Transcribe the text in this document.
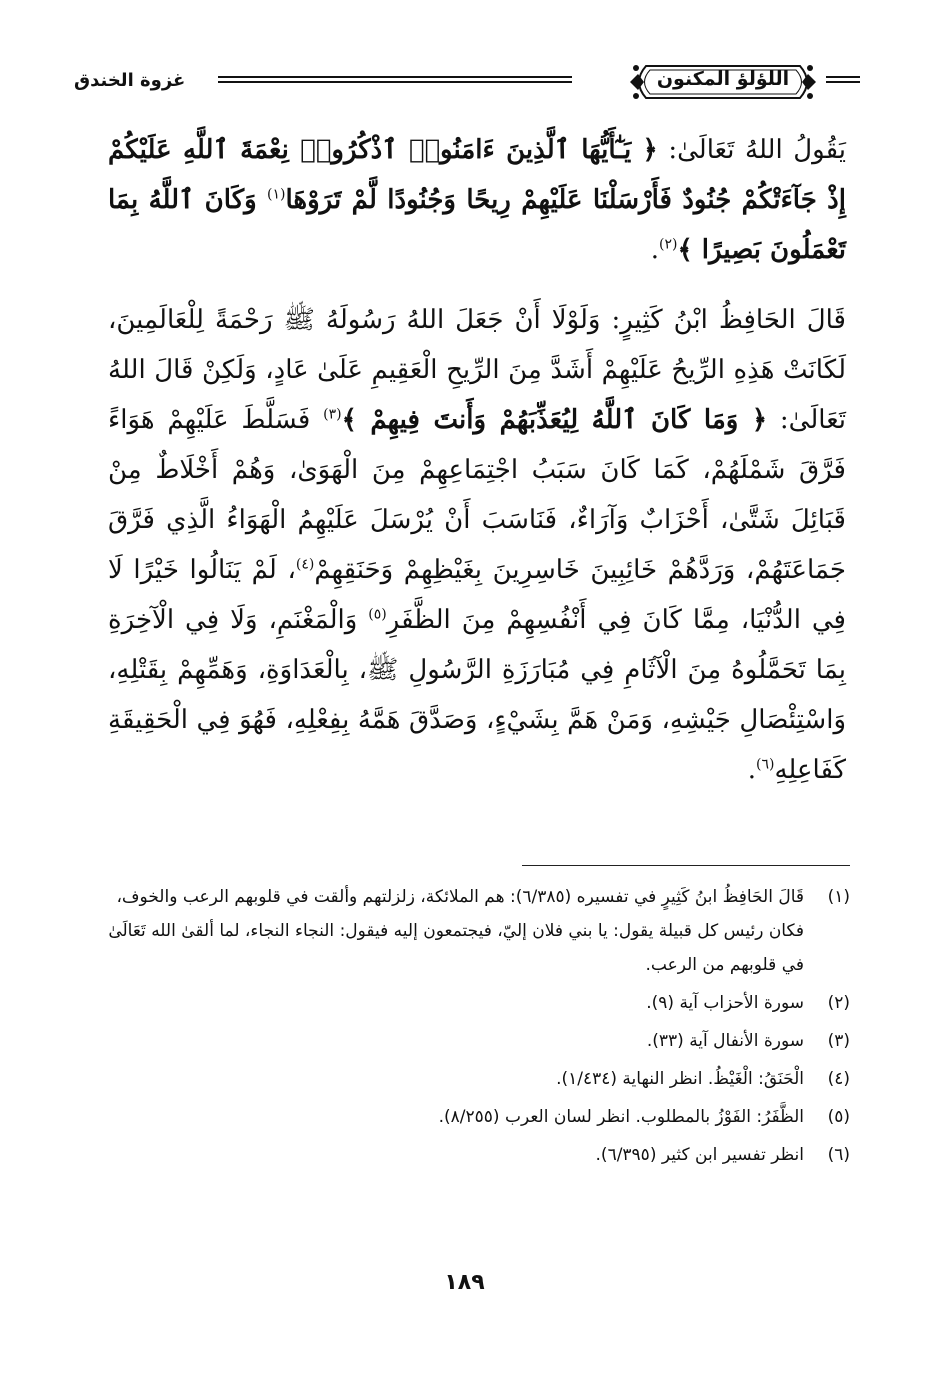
اللؤلؤ المكنون
غزوة الخندق

يَقُولُ اللهُ تَعَالَىٰ: ﴿ يَـٰٓأَيُّهَا ٱلَّذِينَ ءَامَنُوا۟ ٱذْكُرُوا۟ نِعْمَةَ ٱللَّهِ عَلَيْكُمْ إِذْ جَآءَتْكُمْ جُنُودٌ فَأَرْسَلْنَا عَلَيْهِمْ رِيحًا وَجُنُودًا لَّمْ تَرَوْهَا$^{(١)}$ وَكَانَ ٱللَّهُ بِمَا تَعْمَلُونَ بَصِيرًا ﴾$^{(٢)}$.

قَالَ الحَافِظُ ابْنُ كَثِيرٍ: وَلَوْلَا أَنْ جَعَلَ اللهُ رَسُولَهُ ﷺ رَحْمَةً لِلْعَالَمِينَ، لَكَانَتْ هَذِهِ الرِّيحُ عَلَيْهِمْ أَشَدَّ مِنَ الرِّيحِ الْعَقِيمِ عَلَىٰ عَادٍ، وَلَكِنْ قَالَ اللهُ تَعَالَىٰ: ﴿ وَمَا كَانَ ٱللَّهُ لِيُعَذِّبَهُمْ وَأَنتَ فِيهِمْ ﴾$^{(٣)}$ فَسَلَّطَ عَلَيْهِمْ هَوَاءً فَرَّقَ شَمْلَهُمْ، كَمَا كَانَ سَبَبُ اجْتِمَاعِهِمْ مِنَ الْهَوَىٰ، وَهُمْ أَخْلَاطٌ مِنْ قَبَائِلَ شَتَّىٰ، أَحْزَابٌ وَآرَاءٌ، فَنَاسَبَ أَنْ يُرْسَلَ عَلَيْهِمُ الْهَوَاءُ الَّذِي فَرَّقَ جَمَاعَتَهُمْ، وَرَدَّهُمْ خَائِبِينَ خَاسِرِينَ بِغَيْظِهِمْ وَحَنَقِهِمْ$^{(٤)}$، لَمْ يَنَالُوا خَيْرًا لَا فِي الدُّنْيَا، مِمَّا كَانَ فِي أَنْفُسِهِمْ مِنَ الظَّفَرِ$^{(٥)}$ وَالْمَغْنَمِ، وَلَا فِي الْآخِرَةِ بِمَا تَحَمَّلُوهُ مِنَ الْآثَامِ فِي مُبَارَزَةِ الرَّسُولِ ﷺ، بِالْعَدَاوَةِ، وَهَمِّهِمْ بِقَتْلِهِ، وَاسْتِئْصَالِ جَيْشِهِ، وَمَنْ هَمَّ بِشَيْءٍ، وَصَدَّقَ هَمَّهُ بِفِعْلِهِ، فَهُوَ فِي الْحَقِيقَةِ كَفَاعِلِهِ$^{(٦)}$.

(١)
قَالَ الحَافِظُ ابنُ كَثِيرٍ في تفسيره (٦/٣٨٥): هم الملائكة، زلزلتهم وألقت في قلوبهم الرعب والخوف، فكان رئيس كل قبيلة يقول: يا بني فلان إليّ، فيجتمعون إليه فيقول: النجاء النجاء، لما ألقىٰ الله تَعَالَىٰ في قلوبهم من الرعب.
(٢)
سورة الأحزاب آية (٩).
(٣)
سورة الأنفال آية (٣٣).
(٤)
الْحَنَقُ: الْغَيْظُ. انظر النهاية (١/٤٣٤).
(٥)
الظَّفَرُ: الفَوْزُ بالمطلوب. انظر لسان العرب (٨/٢٥٥).
(٦)
انظر تفسير ابن كثير (٦/٣٩٥).
١٨٩
